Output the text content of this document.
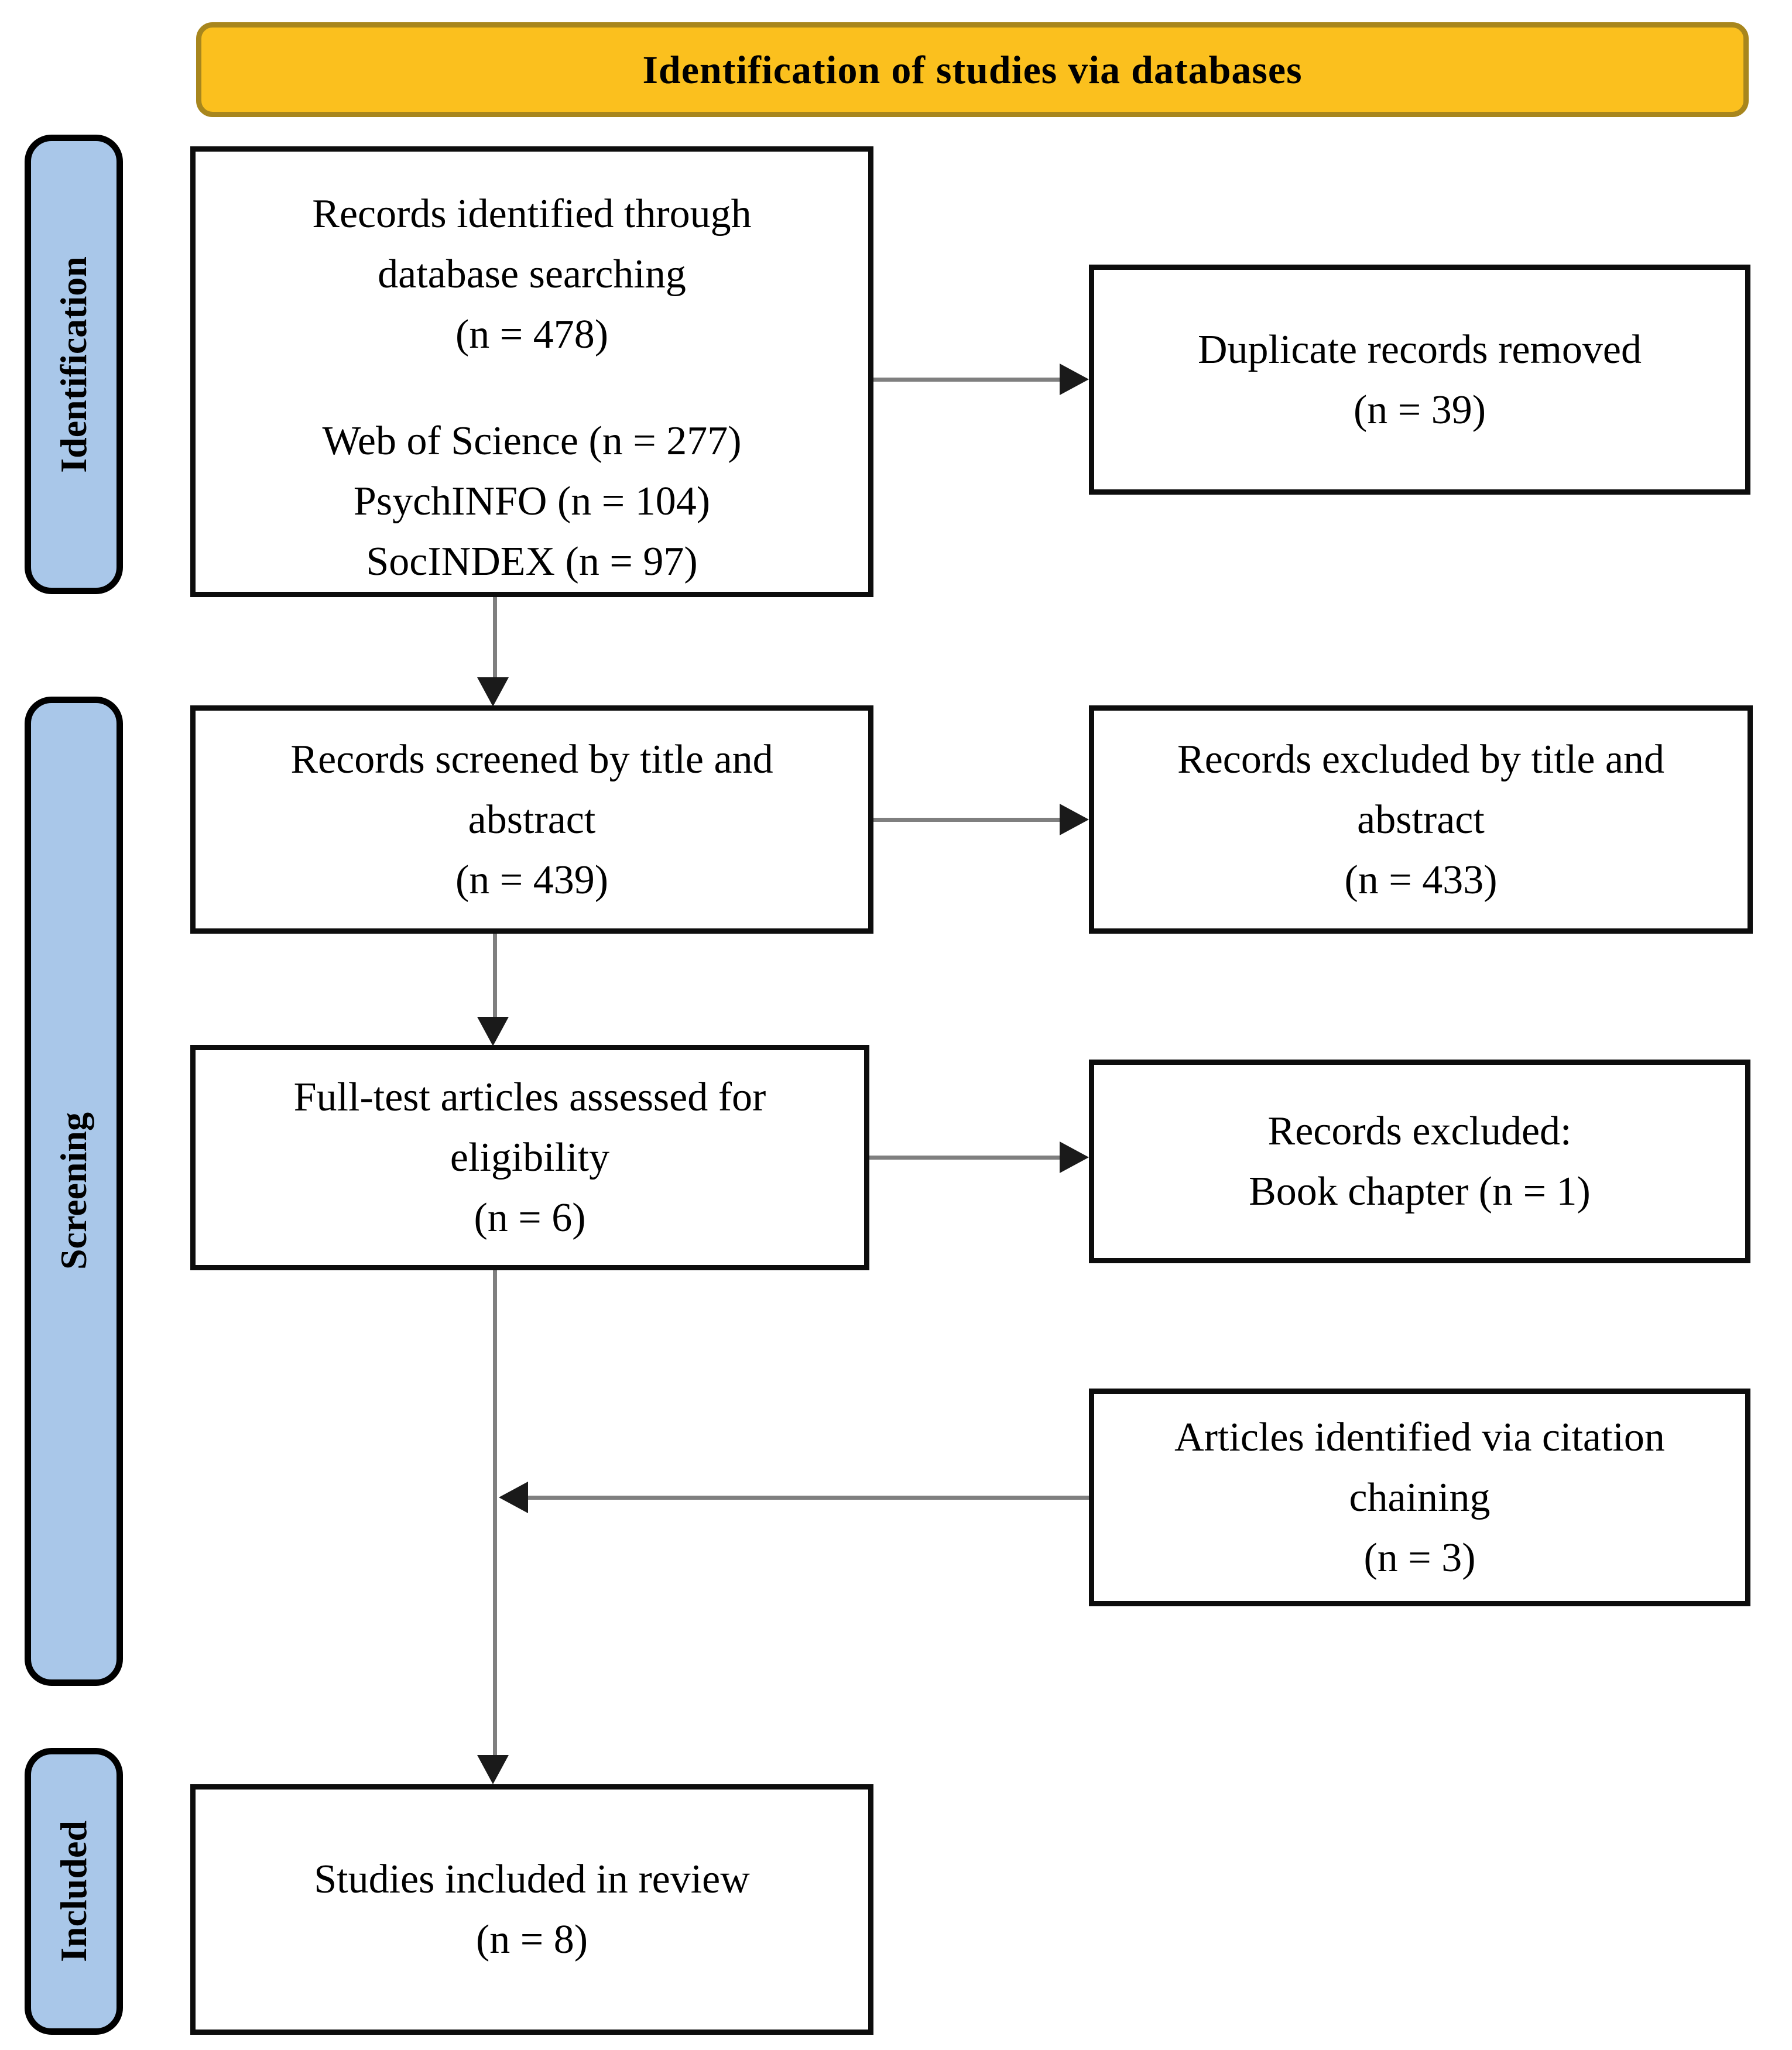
Identification of studies via databases
Identification
Screening
Included
Records identified through
database searching
(n = 478)
Web of Science (n = 277)
PsychINFO (n = 104)
SocINDEX (n = 97)
Records screened by title and
abstract
(n = 439)
Full-test articles assessed for
eligibility
(n = 6)
Studies included in review
(n = 8)
Duplicate records removed
(n = 39)
Records excluded by title and
abstract
(n = 433)
Records excluded:
Book chapter (n = 1)
Articles identified via citation
chaining
(n = 3)
